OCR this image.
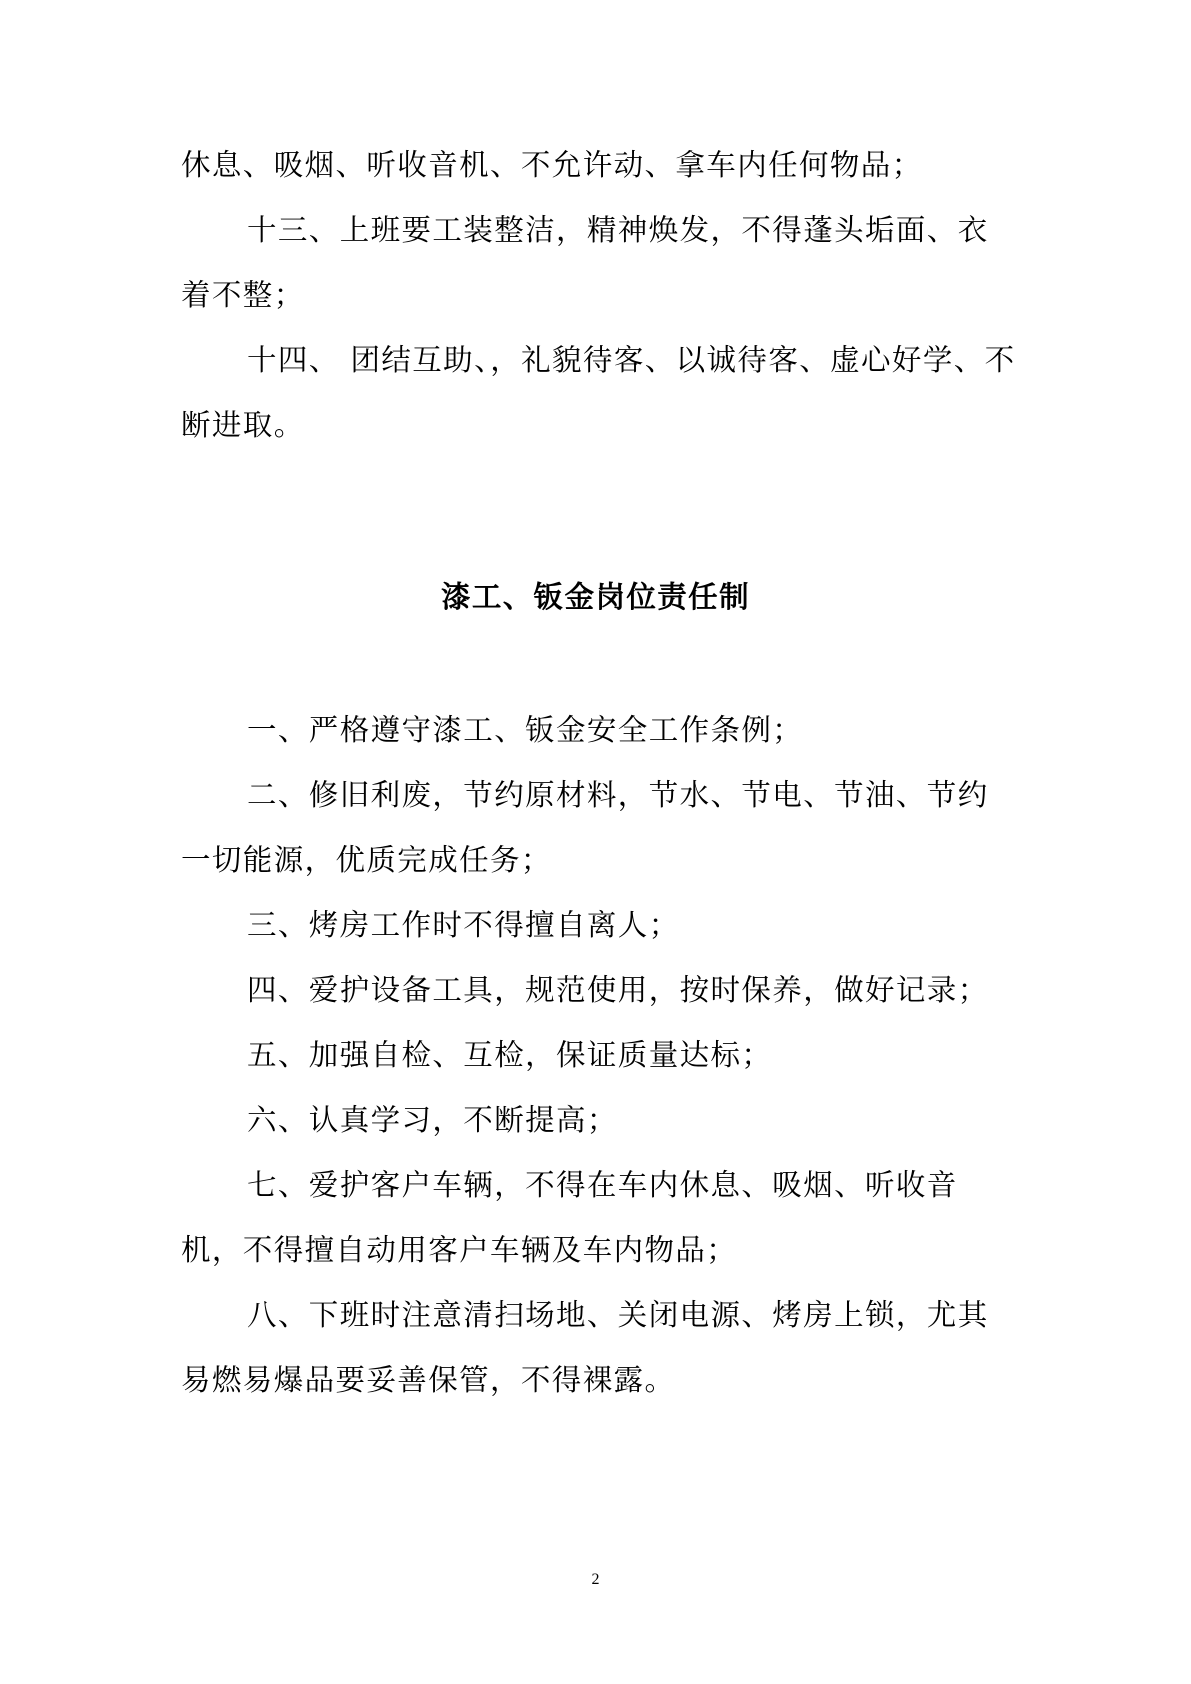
休息、吸烟、听收音机、不允许动、拿车内任何物品；

十三、上班要工装整洁，精神焕发，不得蓬头垢面、衣着不整；

十四、 团结互助、，礼貌待客、以诚待客、虚心好学、不断进取。

漆工、钣金岗位责任制

一、严格遵守漆工、钣金安全工作条例；

二、修旧利废，节约原材料，节水、节电、节油、节约一切能源，优质完成任务；

三、烤房工作时不得擅自离人；

四、爱护设备工具，规范使用，按时保养，做好记录；

五、加强自检、互检，保证质量达标；

六、认真学习，不断提高；

七、爱护客户车辆，不得在车内休息、吸烟、听收音机，不得擅自动用客户车辆及车内物品；

八、下班时注意清扫场地、关闭电源、烤房上锁，尤其易燃易爆品要妥善保管，不得裸露。

2
